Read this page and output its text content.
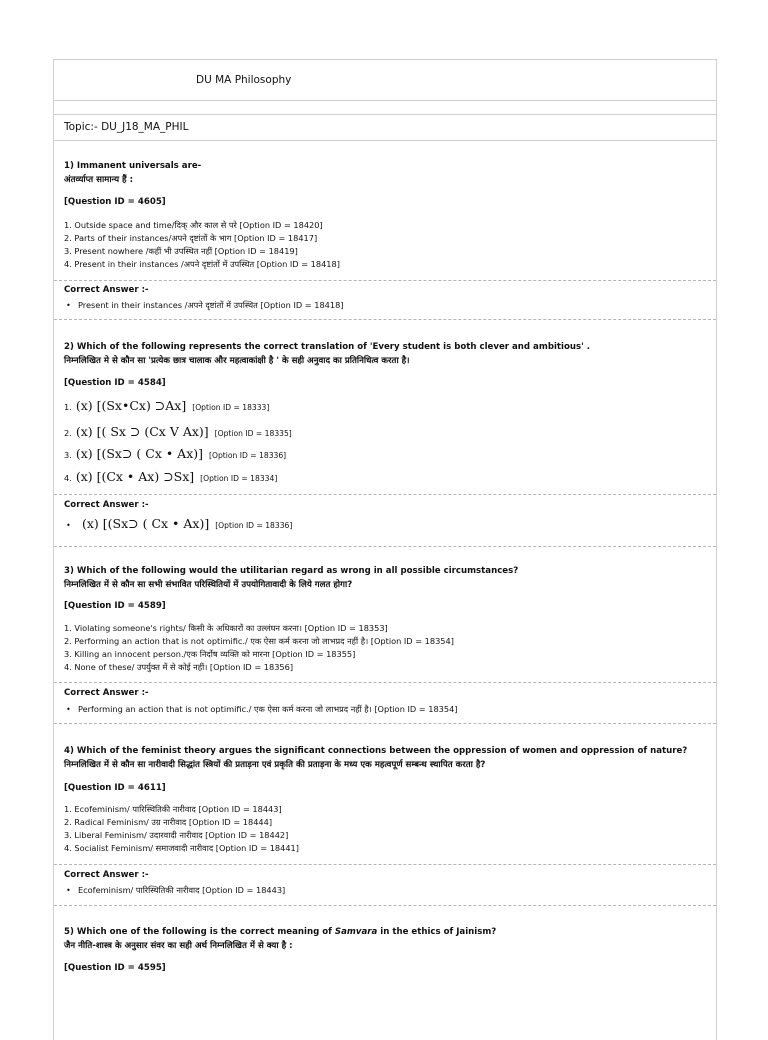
DU MA Philosophy
Topic:- DU_J18_MA_PHIL
1) Immanent universals are-
अंतर्व्याप्त सामान्य हैं :
[Question ID = 4605]
1. Outside space and time/दिक् और काल से परे [Option ID = 18420]
2. Parts of their instances/अपने दृष्टांतों के भाग [Option ID = 18417]
3. Present nowhere /कहीं भी उपस्थित नहीं [Option ID = 18419]
4. Present in their instances /अपने दृष्टांतों में उपस्थित [Option ID = 18418]
Correct Answer :-
• Present in their instances /अपने दृष्टांतों में उपस्थित [Option ID = 18418]
2) Which of the following represents the correct translation of 'Every student is both clever and ambitious' .
निम्नलिखित मे से कौन सा 'प्रत्येक छात्र चालाक और महत्वाकांक्षी है ' के सही अनुवाद का प्रतिनिधित्व करता है।
[Question ID = 4584]
1. (x) [(Sx•Cx) ⊃Ax] [Option ID = 18333]
2. (x) [( Sx ⊃ (Cx V Ax)] [Option ID = 18335]
3. (x) [(Sx⊃ ( Cx • Ax)] [Option ID = 18336]
4. (x) [(Cx • Ax) ⊃Sx] [Option ID = 18334]
Correct Answer :-
• (x) [(Sx⊃ ( Cx • Ax)] [Option ID = 18336]
3) Which of the following would the utilitarian regard as wrong in all possible circumstances?
निम्नलिखित में से कौन सा सभी संभावित परिस्थितियों में उपयोगितावादी के लिये गलत होगा?
[Question ID = 4589]
1. Violating someone's rights/ किसी के अधिकारों का उल्लंघन करना। [Option ID = 18353]
2. Performing an action that is not optimific./ एक ऐसा कर्म करना जो लाभप्रद नहीं है। [Option ID = 18354]
3. Killing an innocent person./एक निर्दोष व्यक्ति को मारना [Option ID = 18355]
4. None of these/ उपर्युक्त में से कोई नहीं। [Option ID = 18356]
Correct Answer :-
• Performing an action that is not optimific./ एक ऐसा कर्म करना जो लाभप्रद नहीं है। [Option ID = 18354]
4) Which of the feminist theory argues the significant connections between the oppression of women and oppression of nature?
निम्नलिखित में से कौन सा नारीवादी सिद्धांत स्त्रियों की प्रताड़ना एवं प्रकृति की प्रताड़ना के मध्य एक महत्वपूर्ण सम्बन्ध स्थापित करता है?
[Question ID = 4611]
1. Ecofeminism/ पारिस्थितिकी नारीवाद [Option ID = 18443]
2. Radical Feminism/ उग्र नारीवाद [Option ID = 18444]
3. Liberal Feminism/ उदारवादी नारीवाद [Option ID = 18442]
4. Socialist Feminism/ समाजवादी नारीवाद [Option ID = 18441]
Correct Answer :-
• Ecofeminism/ पारिस्थितिकी नारीवाद [Option ID = 18443]
5) Which one of the following is the correct meaning of Samvara in the ethics of Jainism?
जैन नीति-शास्त्र के अनुसार संवर का सही अर्थ निम्नलिखित में से क्या है :
[Question ID = 4595]
